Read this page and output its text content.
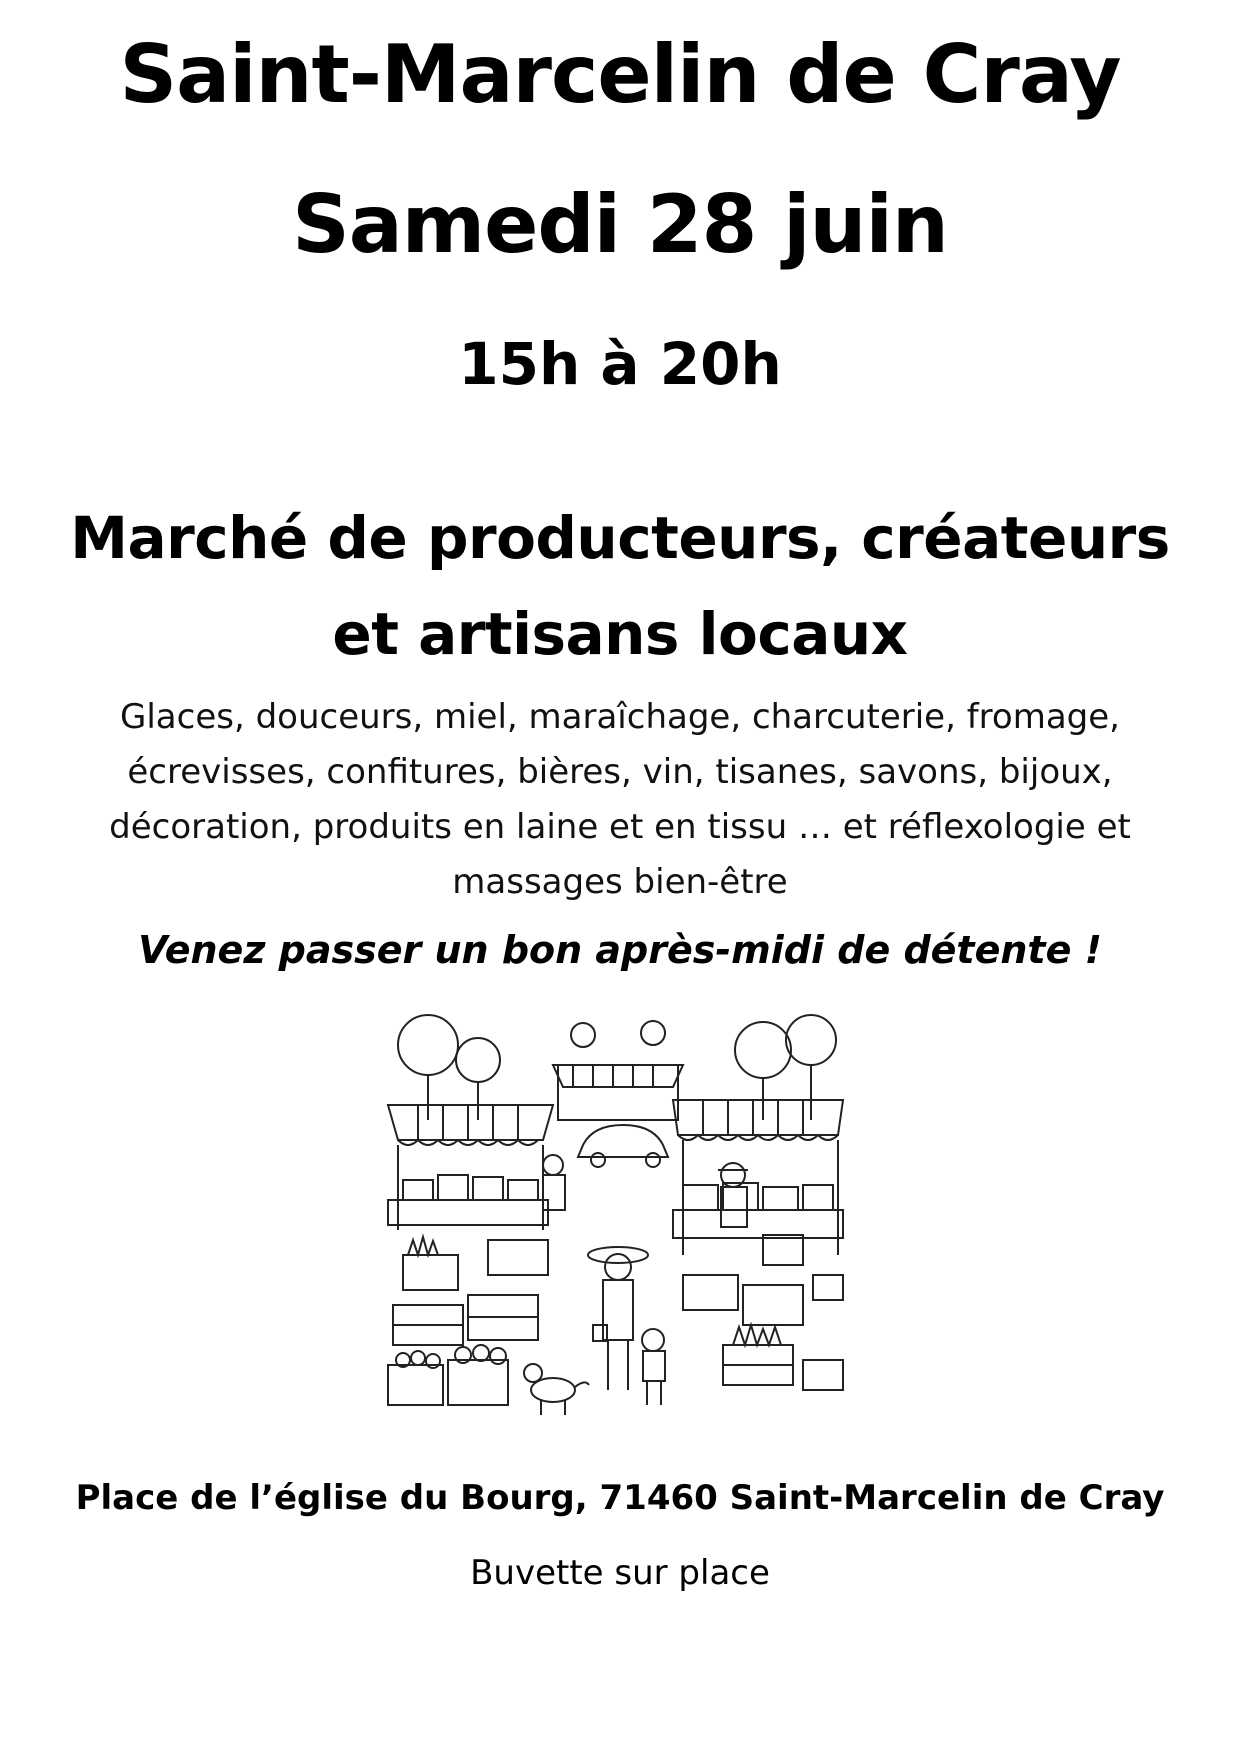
Saint-Marcelin de Cray
Samedi 28 juin
15h à 20h
Marché de producteurs, créateurs
et artisans locaux
Glaces, douceurs, miel, maraîchage, charcuterie, fromage,
écrevisses, confitures, bières, vin, tisanes, savons, bijoux,
décoration, produits en laine et en tissu … et réflexologie et
massages bien-être
Venez passer un bon après-midi de détente !
Place de l’église du Bourg, 71460 Saint-Marcelin de Cray
Buvette sur place
